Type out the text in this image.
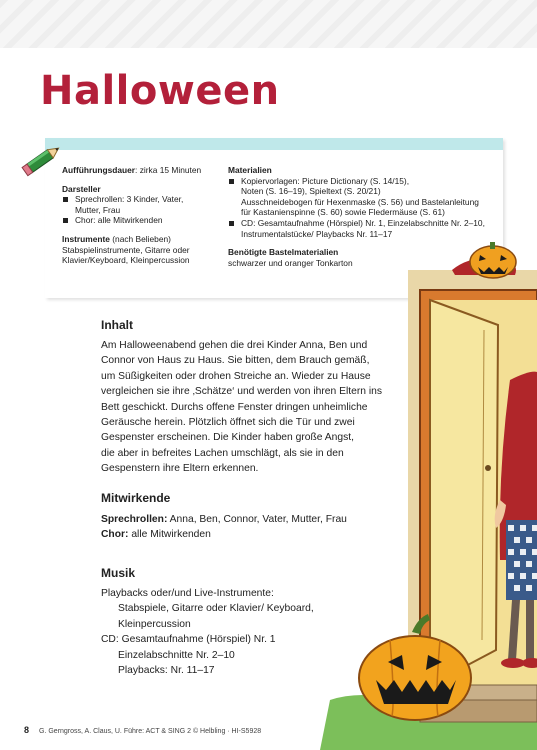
Halloween
Aufführungsdauer: zirka 15 Minuten
Darsteller
Sprechrollen: 3 Kinder, Vater,
Mutter, Frau
Chor: alle Mitwirkenden
Instrumente (nach Belieben)
Stabspielinstrumente, Gitarre oder
Klavier/Keyboard, Kleinpercussion
Materialien
Kopiervorlagen: Picture Dictionary (S. 14/15),
Noten (S. 16–19), Spieltext (S. 20/21)
Ausschneidebogen für Hexenmaske (S. 56) und Bastelanleitung
für Kastanienspinne (S. 60) sowie Fledermäuse (S. 61)
CD: Gesamtaufnahme (Hörspiel) Nr. 1, Einzelabschnitte Nr. 2–10,
Instrumentalstücke/ Playbacks Nr. 11–17
Benötigte Bastelmaterialien
schwarzer und oranger Tonkarton
Inhalt
Am Halloweenabend gehen die drei Kinder Anna, Ben und
Connor von Haus zu Haus. Sie bitten, dem Brauch gemäß,
um Süßigkeiten oder drohen Streiche an. Wieder zu Hause
vergleichen sie ihre ‚Schätze‘ und werden von ihren Eltern ins
Bett geschickt. Durchs offene Fenster dringen unheimliche
Geräusche herein. Plötzlich öffnet sich die Tür und zwei
Gespenster erscheinen. Die Kinder haben große Angst,
die aber in befreites Lachen umschlägt, als sie in den
Gespenstern ihre Eltern erkennen.
Mitwirkende
Sprechrollen: Anna, Ben, Connor, Vater, Mutter, Frau
Chor: alle Mitwirkenden
Musik
Playbacks oder/und Live-Instrumente:
Stabspiele, Gitarre oder Klavier/ Keyboard,
Kleinpercussion
CD: Gesamtaufnahme (Hörspiel) Nr. 1
Einzelabschnitte Nr. 2–10
Playbacks: Nr. 11–17
8 G. Gerngross, A. Claus, U. Führe: ACT & SING 2 © Helbling · HI-S5928
